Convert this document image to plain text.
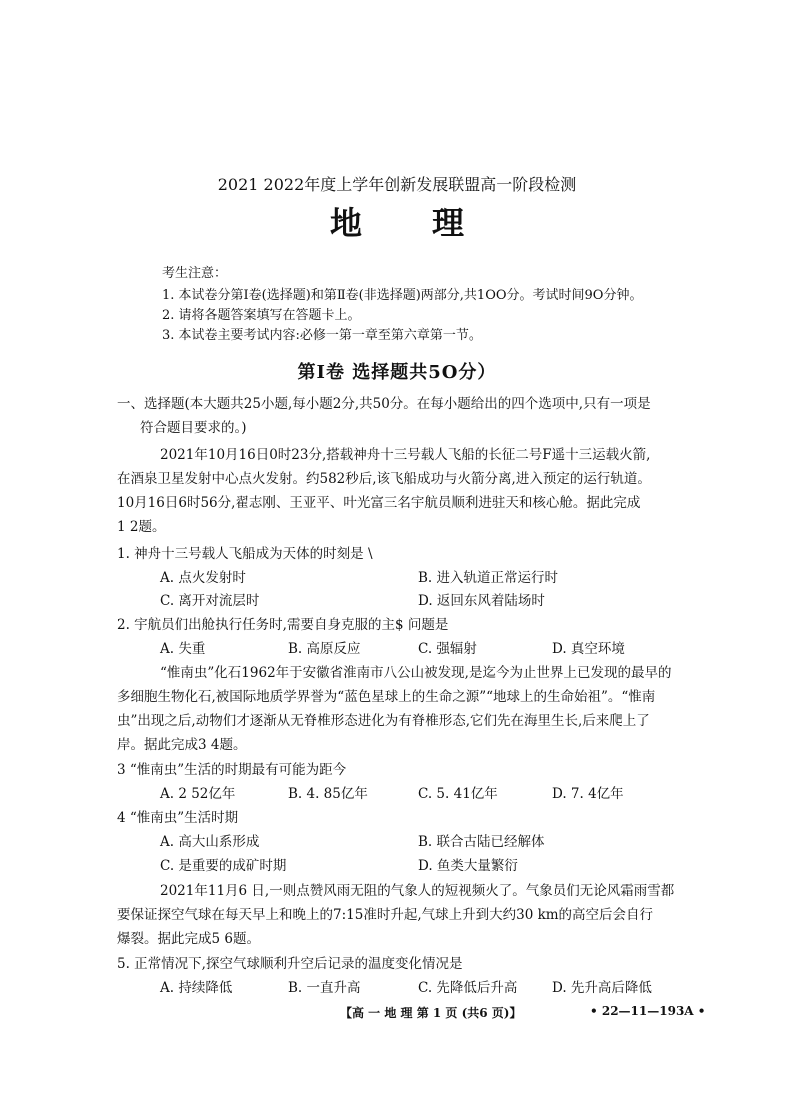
2021 2022年度上学年创新发展联盟高一阶段检测
地 理
考生注意：
1. 本试卷分第Ⅰ卷(选择题)和第Ⅱ卷(非选择题)两部分,共1OO分。考试时间9O分钟。
2. 请将各题答案填写在答题卡上。
3. 本试卷主要考试内容:必修一第一章至第六章第一节。
第Ⅰ卷 选择题共5O分）
一、选择题(本大题共25小题,每小题2分,共50分。在每小题给出的四个选项中,只有一项是
符合题目要求的。)
2021年10月16日0时23分,搭载神舟十三号载人飞船的长征二号F遥十三运载火箭,
在酒泉卫星发射中心点火发射。约582秒后,该飞船成功与火箭分离,进入预定的运行轨道。
10月16日6时56分,翟志刚、王亚平、叶光富三名宇航员顺利进驻天和核心舱。据此完成
1 2题。
1. 神舟十三号载人飞船成为天体的时刻是 \
A. 点火发射时	B. 进入轨道正常运行时
C. 离开对流层时	D. 返回东风着陆场时
2. 宇航员们出舱执行任务时,需要自身克服的主$ 问题是
A. 失重	B. 高原反应	C. 强辐射	D. 真空环境
“惟南虫”化石1962年于安徽省淮南市八公山被发现,是迄今为止世界上已发现的最早的
多细胞生物化石,被国际地质学界誉为“蓝色星球上的生命之源”“地球上的生命始祖”。“惟南
虫”出现之后,动物们才逐渐从无脊椎形态进化为有脊椎形态,它们先在海里生长,后来爬上了
岸。据此完成3 4题。
3 “惟南虫”生活的时期最有可能为距今
A. 2 52亿年	B. 4. 85亿年	C. 5. 41亿年	D. 7. 4亿年
4 “惟南虫”生活时期
A. 高大山系形成	B. 联合古陆已经解体
C. 是重要的成矿时期	D. 鱼类大量繁衍
2021年11月6 日,一则点赞风雨无阻的气象人的短视频火了。气象员们无论风霜雨雪都
要保证探空气球在每天早上和晚上的7:15准时升起,气球上升到大约30 km的高空后会自行
爆裂。据此完成5 6题。
5. 正常情况下,探空气球顺利升空后记录的温度变化情况是
A. 持续降低	B. 一直升高	C. 先降低后升高	D. 先升高后降低
【高 一 地 理 第 1 页 (共6 页)】	• 22—11—193A •
